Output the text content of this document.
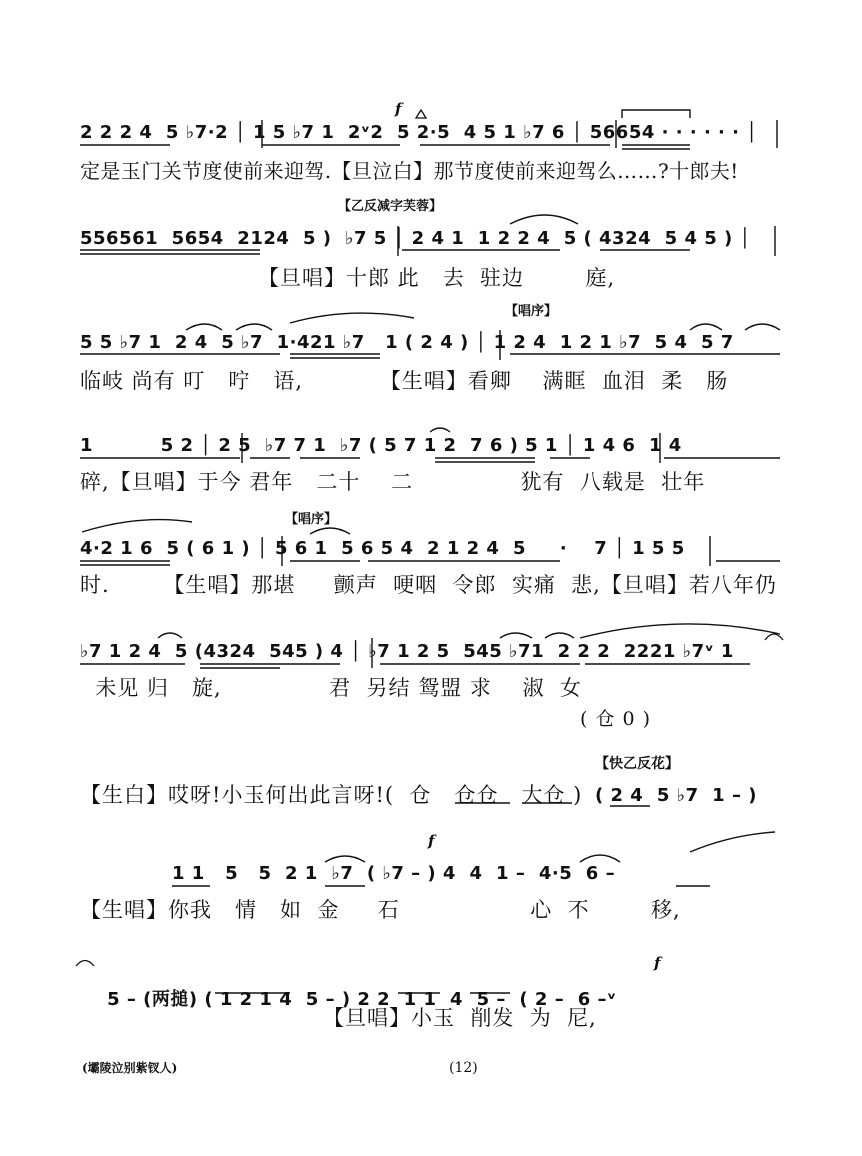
2 2 2 4  5 ♭7·2 │ 1 5 ♭7 1  2ᵛ2  5 2·5  4 5 1 ♭7 6 │ 56654 · · · · · · │
定是玉门关节度使前来迎驾.【旦泣白】那节度使前来迎驾么……?十郎夫!
【乙反减字芙蓉】
556561  5654  2124  5 )  ♭7 5 │ 2 4 1  1 2 2 4  5 ( 4324  5 4 5 ) │
【旦唱】十郎 此   去  驻边        庭,
【唱序】
5 5 ♭7 1  2 4  5 ♭7  1·421 ♭7   1 ( 2 4 ) │ 1 2 4  1 2 1 ♭7  5 4  5 7
临岐 尚有 叮   咛   语,          【生唱】看卿    满眶  血泪  柔   肠
1          5 2 │ 2 5  ♭7 7 1  ♭7 ( 5 7 1 2  7 6 ) 5 1 │ 1 4 6  1 4
碎,【旦唱】于今 君年   二十    二              犹有  八载是  壮年
【唱序】
4·2 1 6  5 ( 6 1 ) │ 5 6 1  5 6 5 4  2 1 2 4  5     ·    7 │ 1 5 5
时.       【生唱】那堪     颤声  哽咽  令郎  实痛  悲,【旦唱】若八年仍
♭7 1 2 4  5 (4324  545 ) 4 │ ♭7 1 2 5  545 ♭71  2 2 2  2221 ♭7ᵛ 1
未见 归   旋,              君  另结 鸳盟 求    淑  女
( 仓 0 )
【快乙反花】
【生白】哎呀!小玉何出此言呀!(  仓   仓仓   大仓 ) ( 2 4  5 ♭7  1 – )
1 1   5   5  2 1  ♭7  ( ♭7 – ) 4  4  1 –  4·5  6 –
【生唱】你我   情   如  金     石                 心  不        移,

5 – (两搥) ( 1 2 1 4  5 – ) 2 2  1 1  4  5 –  ( 2 –  6 –ᵛ

【旦唱】小玉  削发  为  尼,
(壩陵泣别紫钗人)	(12)
f
f
f
